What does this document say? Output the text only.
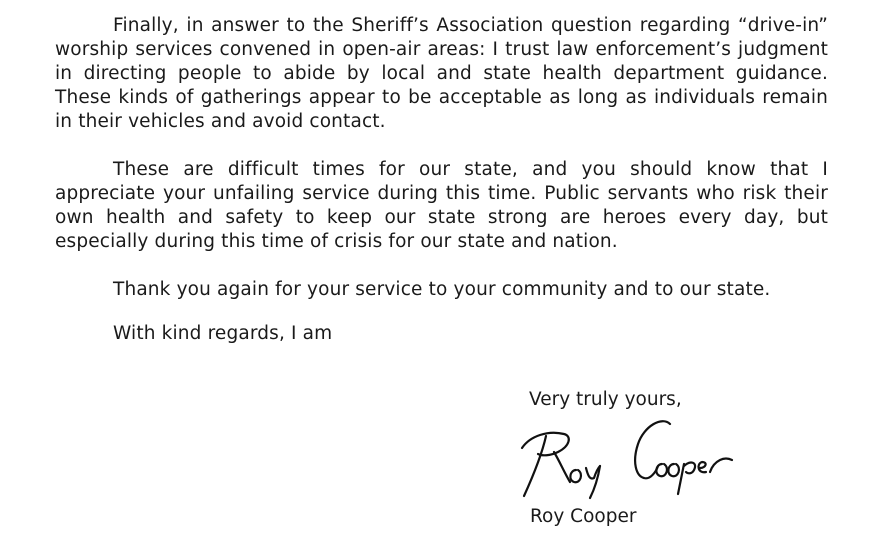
Finally, in answer to the Sheriff’s Association question regarding “drive-in” worship services convened in open-air areas: I trust law enforcement’s judgment in directing people to abide by local and state health department guidance. These kinds of gatherings appear to be acceptable as long as individuals remain in their vehicles and avoid contact.

These are difficult times for our state, and you should know that I appreciate your unfailing service during this time. Public servants who risk their own health and safety to keep our state strong are heroes every day, but especially during this time of crisis for our state and nation.

Thank you again for your service to your community and to our state.

With kind regards, I am

Very truly yours,

Roy Cooper

Roy Cooper
